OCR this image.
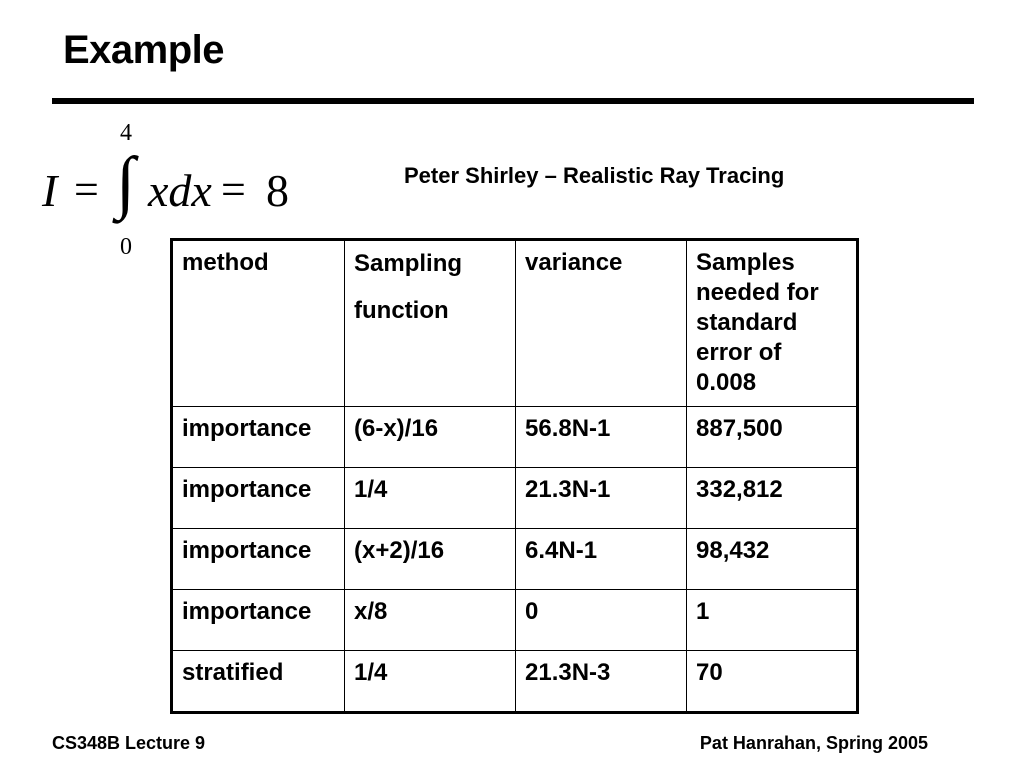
Example
I =
4
∫
0
xdx = 8	Peter Shirley – Realistic Ray Tracing
method	Sampling function	variance	Samples needed for standard error of 0.008
importance	(6-x)/16	56.8N-1	887,500
importance	1/4	21.3N-1	332,812
importance	(x+2)/16	6.4N-1	98,432
importance	x/8	0	1
stratified	1/4	21.3N-3	70
CS348B Lecture 9	Pat Hanrahan, Spring 2005
